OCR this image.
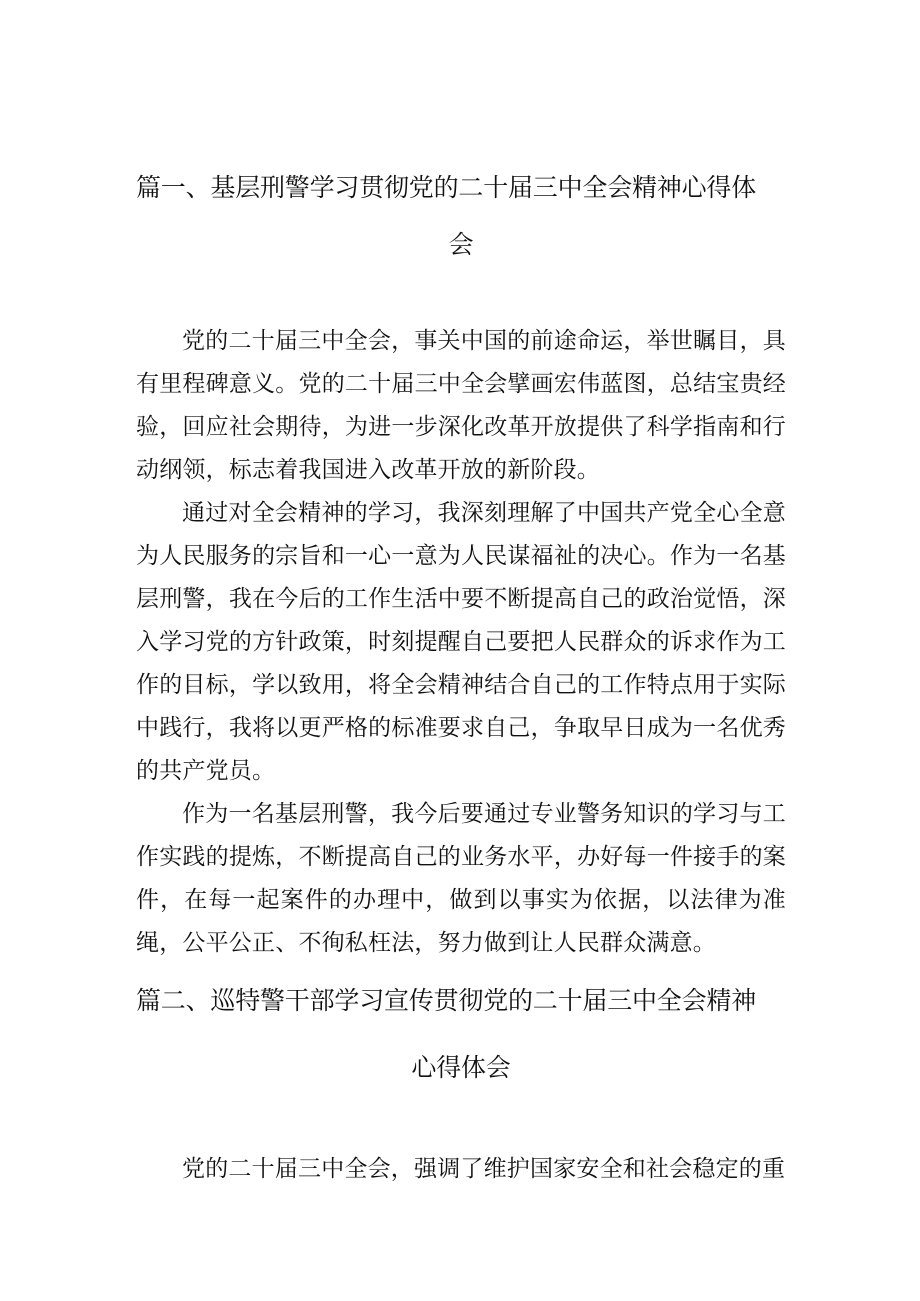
篇一、基层刑警学习贯彻党的二十届三中全会精神心得体
会

党的二十届三中全会，事关中国的前途命运，举世瞩目，具有里程碑意义。党的二十届三中全会擘画宏伟蓝图，总结宝贵经验，回应社会期待，为进一步深化改革开放提供了科学指南和行动纲领，标志着我国进入改革开放的新阶段。

通过对全会精神的学习，我深刻理解了中国共产党全心全意为人民服务的宗旨和一心一意为人民谋福祉的决心。作为一名基层刑警，我在今后的工作生活中要不断提高自己的政治觉悟，深入学习党的方针政策，时刻提醒自己要把人民群众的诉求作为工作的目标，学以致用，将全会精神结合自己的工作特点用于实际中践行，我将以更严格的标准要求自己，争取早日成为一名优秀的共产党员。

作为一名基层刑警，我今后要通过专业警务知识的学习与工作实践的提炼，不断提高自己的业务水平，办好每一件接手的案件，在每一起案件的办理中，做到以事实为依据，以法律为准绳，公平公正、不徇私枉法，努力做到让人民群众满意。

篇二、巡特警干部学习宣传贯彻党的二十届三中全会精神
心得体会

党的二十届三中全会，强调了维护国家安全和社会稳定的重
